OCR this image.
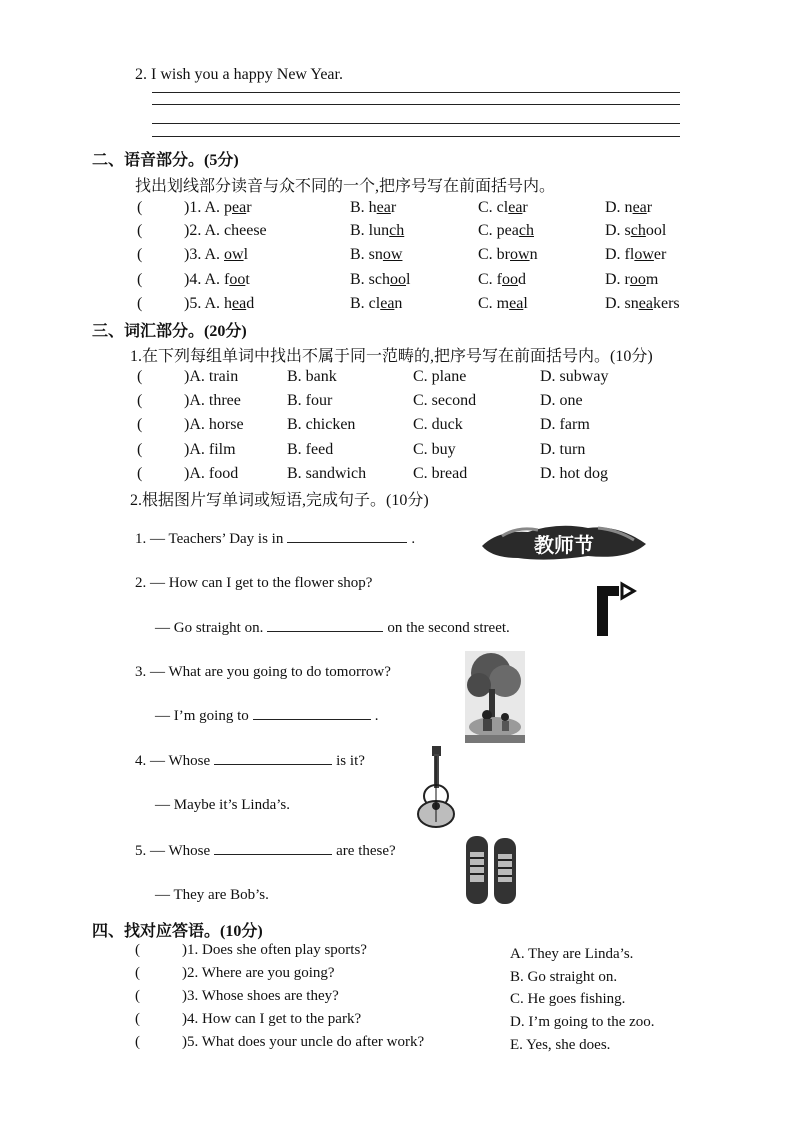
2. I wish you a happy New Year.
二、语音部分。(5分)
找出划线部分读音与众不同的一个,把序号写在前面括号内。
(	)1. A. pear	B. hear	C. clear	D. near
(	)2. A. cheese	B. lunch	C. peach	D. school
(	)3. A. owl	B. snow	C. brown	D. flower
(	)4. A. foot	B. school	C. food	D. room
(	)5. A. head	B. clean	C. meal	D. sneakers
三、词汇部分。(20分)
1.在下列每组单词中找出不属于同一范畴的,把序号写在前面括号内。(10分)
(	)A. train	B. bank	C. plane	D. subway
(	)A. three	B. four	C. second	D. one
(	)A. horse	B. chicken	C. duck	D. farm
(	)A. film	B. feed	C. buy	D. turn
(	)A. food	B. sandwich	C. bread	D. hot dog
2.根据图片写单词或短语,完成句子。(10分)
1. — Teachers’ Day is in	.	教师节
2. — How can I get to the flower shop?
— Go straight on.	on the second street.
3. — What are you going to do tomorrow?
— I’m going to	.
4. — Whose	is it?
— Maybe it’s Linda’s.
5. — Whose	are these?
— They are Bob’s.
四、找对应答语。(10分)
(	)1. Does she often play sports?
(	)2. Where are you going?
(	)3. Whose shoes are they?
(	)4. How can I get to the park?
(	)5. What does your uncle do after work?
A. They are Linda’s.
B. Go straight on.
C. He goes fishing.
D. I’m going to the zoo.
E. Yes, she does.
